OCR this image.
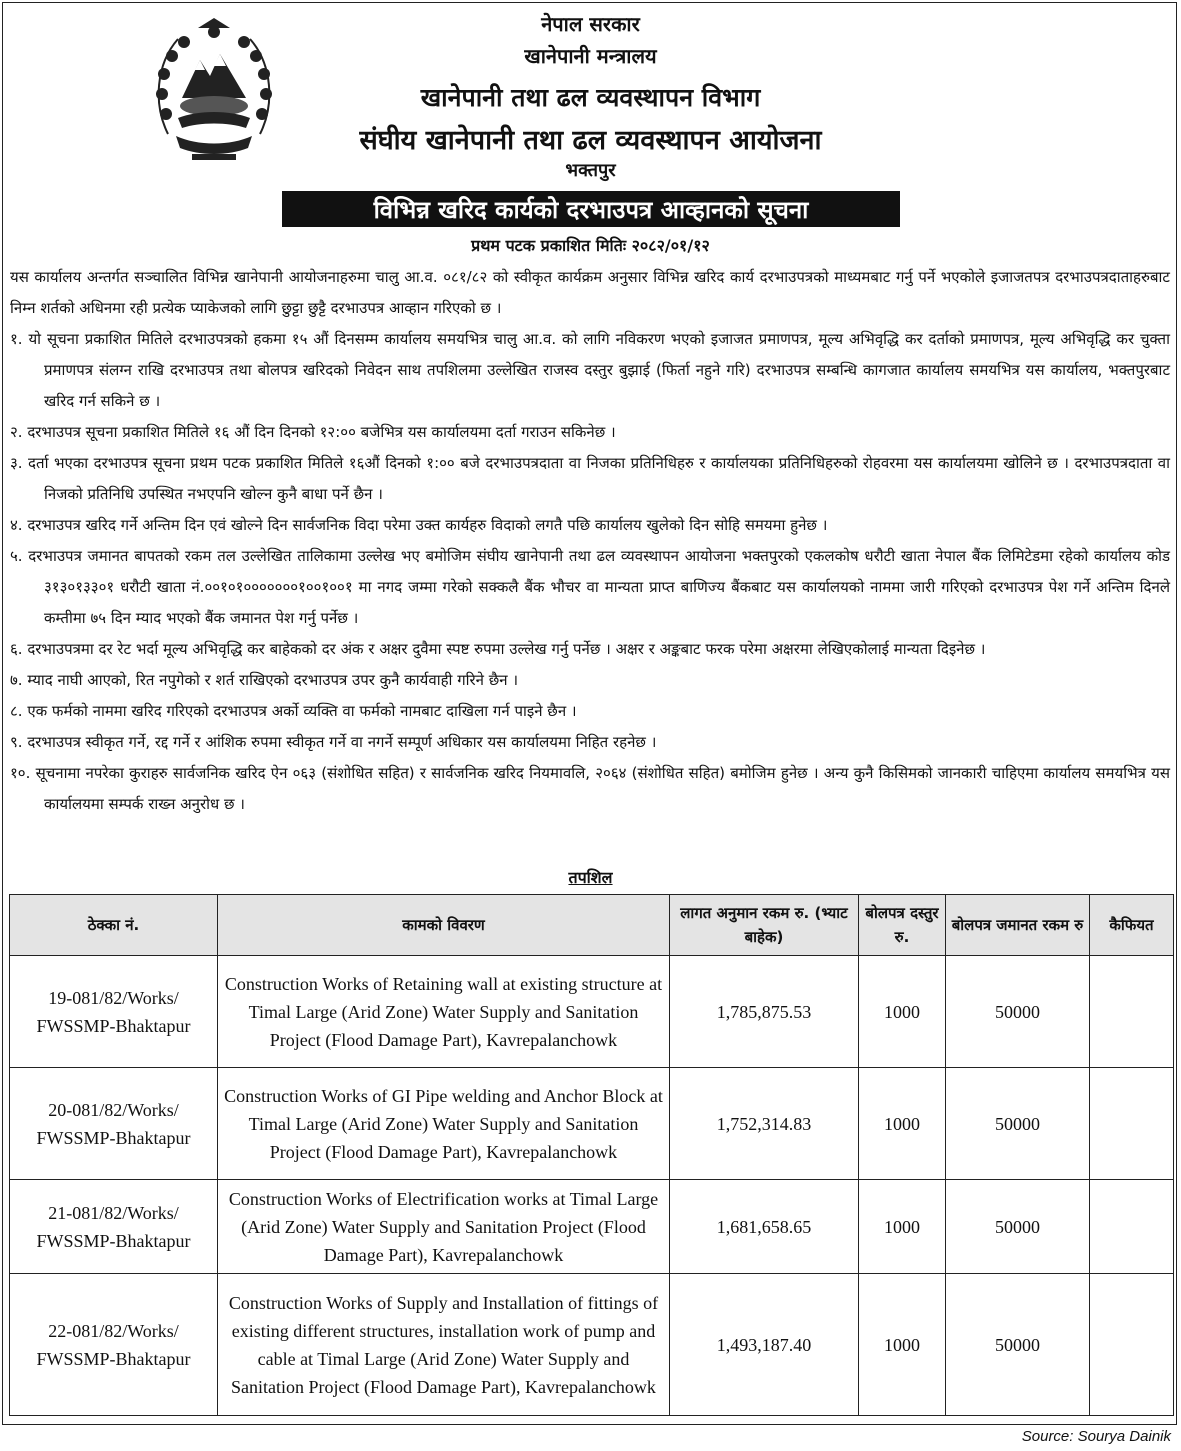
नेपाल सरकार
खानेपानी मन्त्रालय
खानेपानी तथा ढल व्यवस्थापन विभाग
संघीय खानेपानी तथा ढल व्यवस्थापन आयोजना
भक्तपुर
विभिन्न खरिद कार्यको दरभाउपत्र आव्हानको सूचना
प्रथम पटक प्रकाशित मितिः २०८२/०१/१२

यस कार्यालय अन्तर्गत सञ्चालित विभिन्न खानेपानी आयोजनाहरुमा चालु आ.व. ०८१/८२ को स्वीकृत कार्यक्रम अनुसार विभिन्न खरिद कार्य दरभाउपत्रको माध्यमबाट गर्नु पर्ने भएकोले इजाजतपत्र दरभाउपत्रदाताहरुबाट निम्न शर्तको अधिनमा रही प्रत्येक प्याकेजको लागि छुट्टा छुट्टै दरभाउपत्र आव्हान गरिएको छ ।

१. यो सूचना प्रकाशित मितिले दरभाउपत्रको हकमा १५ औं दिनसम्म कार्यालय समयभित्र चालु आ.व. को लागि नविकरण भएको इजाजत प्रमाणपत्र, मूल्य अभिवृद्धि कर दर्ताको प्रमाणपत्र, मूल्य अभिवृद्धि कर चुक्ता प्रमाणपत्र संलग्न राखि दरभाउपत्र तथा बोलपत्र खरिदको निवेदन साथ तपशिलमा उल्लेखित राजस्व दस्तुर बुझाई (फिर्ता नहुने गरि) दरभाउपत्र सम्बन्धि कागजात कार्यालय समयभित्र यस कार्यालय, भक्तपुरबाट खरिद गर्न सकिने छ ।

२. दरभाउपत्र सूचना प्रकाशित मितिले १६ औं दिन दिनको १२:०० बजेभित्र यस कार्यालयमा दर्ता गराउन सकिनेछ ।

३. दर्ता भएका दरभाउपत्र सूचना प्रथम पटक प्रकाशित मितिले १६औं दिनको १:०० बजे दरभाउपत्रदाता वा निजका प्रतिनिधिहरु र कार्यालयका प्रतिनिधिहरुको रोहवरमा यस कार्यालयमा खोलिने छ । दरभाउपत्रदाता वा निजको प्रतिनिधि उपस्थित नभएपनि खोल्न कुनै बाधा पर्ने छैन ।

४. दरभाउपत्र खरिद गर्ने अन्तिम दिन एवं खोल्ने दिन सार्वजनिक विदा परेमा उक्त कार्यहरु विदाको लगतै पछि कार्यालय खुलेको दिन सोहि समयमा हुनेछ ।

५. दरभाउपत्र जमानत बापतको रकम तल उल्लेखित तालिकामा उल्लेख भए बमोजिम संघीय खानेपानी तथा ढल व्यवस्थापन आयोजना भक्तपुरको एकलकोष धरौटी खाता नेपाल बैंक लिमिटेडमा रहेको कार्यालय कोड ३१३०१३३०१ धरौटी खाता नं.००१०१०००००००१००१००१ मा नगद जम्मा गरेको सक्कलै बैंक भौचर वा मान्यता प्राप्त बाणिज्य बैंकबाट यस कार्यालयको नाममा जारी गरिएको दरभाउपत्र पेश गर्ने अन्तिम दिनले कम्तीमा ७५ दिन म्याद भएको बैंक जमानत पेश गर्नु पर्नेछ ।

६. दरभाउपत्रमा दर रेट भर्दा मूल्य अभिवृद्धि कर बाहेकको दर अंक र अक्षर दुवैमा स्पष्ट रुपमा उल्लेख गर्नु पर्नेछ । अक्षर र अङ्कबाट फरक परेमा अक्षरमा लेखिएकोलाई मान्यता दिइनेछ ।

७. म्याद नाघी आएको, रित नपुगेको र शर्त राखिएको दरभाउपत्र उपर कुनै कार्यवाही गरिने छैन ।

८. एक फर्मको नाममा खरिद गरिएको दरभाउपत्र अर्को व्यक्ति वा फर्मको नामबाट दाखिला गर्न पाइने छैन ।

९. दरभाउपत्र स्वीकृत गर्ने, रद्द गर्ने र आंशिक रुपमा स्वीकृत गर्ने वा नगर्ने सम्पूर्ण अधिकार यस कार्यालयमा निहित रहनेछ ।

१०. सूचनामा नपरेका कुराहरु सार्वजनिक खरिद ऐन ०६३ (संशोधित सहित) र सार्वजनिक खरिद नियमावलि, २०६४ (संशोधित सहित) बमोजिम हुनेछ । अन्य कुनै किसिमको जानकारी चाहिएमा कार्यालय समयभित्र यस कार्यालयमा सम्पर्क राख्न अनुरोध छ ।

तपशिल
ठेक्का नं.	कामको विवरण	लागत अनुमान रकम रु. (भ्याट बाहेक)	बोलपत्र दस्तुर रु.	बोलपत्र जमानत रकम रु	कैफियत
19-081/82/Works/ FWSSMP-Bhaktapur	Construction Works of Retaining wall at existing structure at Timal Large (Arid Zone) Water Supply and Sanitation Project (Flood Damage Part), Kavrepalanchowk	1,785,875.53	1000	50000	
20-081/82/Works/ FWSSMP-Bhaktapur	Construction Works of GI Pipe welding and Anchor Block at Timal Large (Arid Zone) Water Supply and Sanitation Project (Flood Damage Part), Kavrepalanchowk	1,752,314.83	1000	50000	
21-081/82/Works/ FWSSMP-Bhaktapur	Construction Works of Electrification works at Timal Large (Arid Zone) Water Supply and Sanitation Project (Flood Damage Part), Kavrepalanchowk	1,681,658.65	1000	50000	
22-081/82/Works/ FWSSMP-Bhaktapur	Construction Works of Supply and Installation of fittings of existing different structures, installation work of pump and cable at Timal Large (Arid Zone) Water Supply and Sanitation Project (Flood Damage Part), Kavrepalanchowk	1,493,187.40	1000	50000	
Source: Sourya Dainik
